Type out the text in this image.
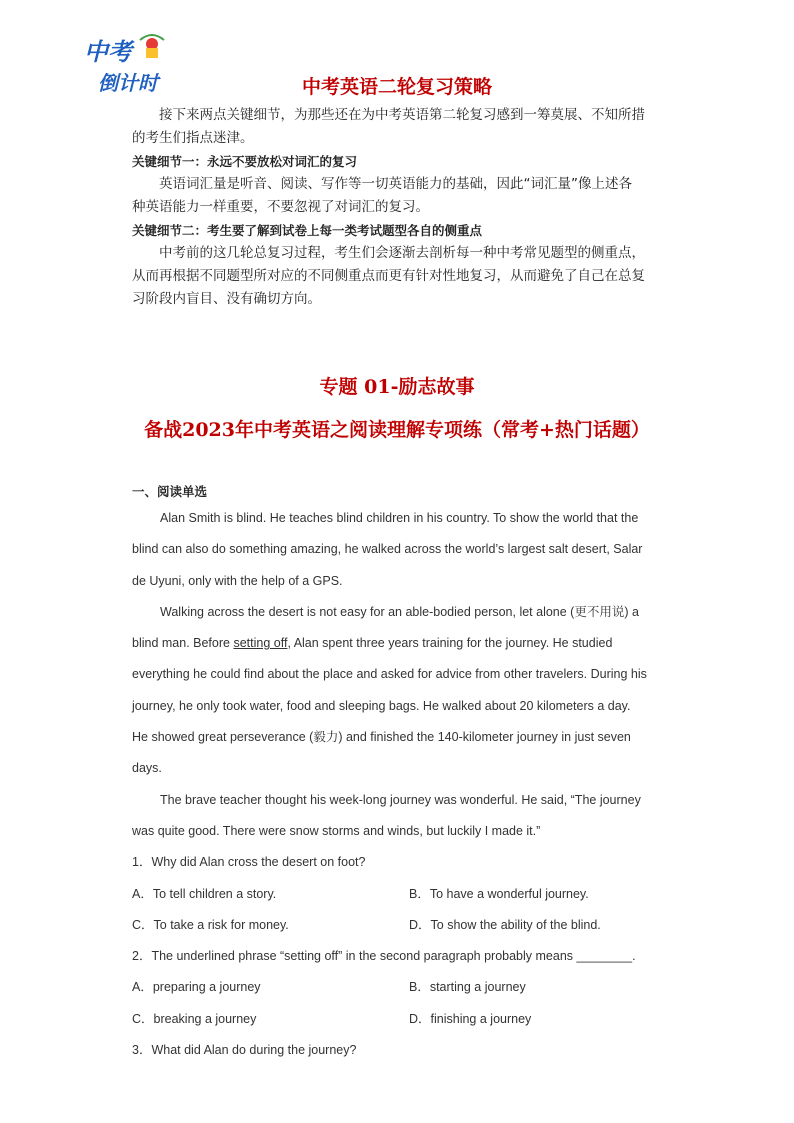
中考
倒计时	中考英语二轮复习策略

接下来两点关键细节，为那些还在为中考英语第二轮复习感到一筹莫展、不知所措

的考生们指点迷津。

关键细节一：永远不要放松对词汇的复习

英语词汇量是听音、阅读、写作等一切英语能力的基础，因此“词汇量”像上述各

种英语能力一样重要，不要忽视了对词汇的复习。

关键细节二：考生要了解到试卷上每一类考试题型各自的侧重点

中考前的这几轮总复习过程，考生们会逐渐去剖析每一种中考常见题型的侧重点，

从而再根据不同题型所对应的不同侧重点而更有针对性地复习，从而避免了自己在总复

习阶段内盲目、没有确切方向。

专题 01-励志故事
备战2023年中考英语之阅读理解专项练（常考+热门话题）
一、阅读单选
Alan Smith is blind. He teaches blind children in his country. To show the world that the
blind can also do something amazing, he walked across the world’s largest salt desert, Salar
de Uyuni, only with the help of a GPS.
Walking across the desert is not easy for an able-bodied person, let alone (更不用说) a
blind man. Before setting off, Alan spent three years training for the journey. He studied
everything he could find about the place and asked for advice from other travelers. During his
journey, he only took water, food and sleeping bags. He walked about 20 kilometers a day.
He showed great perseverance (毅力) and finished the 140-kilometer journey in just seven
days.
The brave teacher thought his week-long journey was wonderful. He said, “The journey
was quite good. There were snow storms and winds, but luckily I made it.”
1．Why did Alan cross the desert on foot?
A．To tell children a story.	B．To have a wonderful journey.
C．To take a risk for money.	D．To show the ability of the blind.
2．The underlined phrase “setting off” in the second paragraph probably means ________.
A．preparing a journey	B．starting a journey
C．breaking a journey	D．finishing a journey
3．What did Alan do during the journey?
